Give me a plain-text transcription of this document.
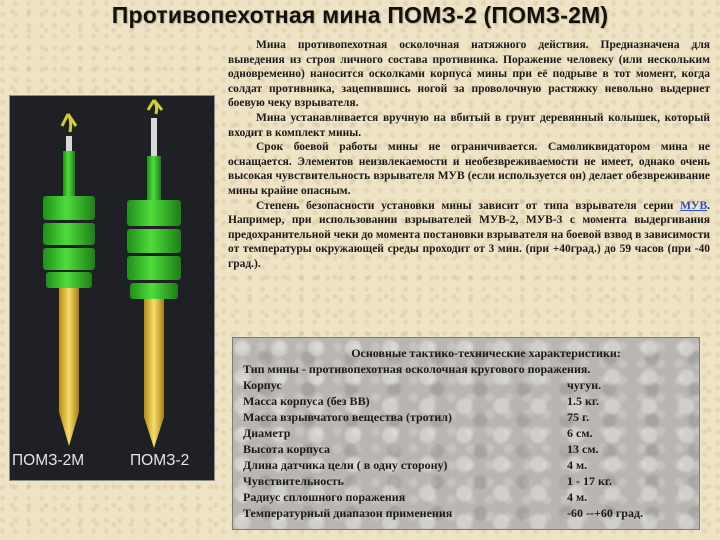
Противопехотная мина ПОМЗ-2 (ПОМЗ-2М)
ПОМЗ-2М	ПОМЗ-2

Мина противопехотная осколочная натяжного действия. Предназначена для выведения из строя личного состава противника. Поражение человеку (или нескольким одновременно) наносится осколками корпуса мины при её подрыве в тот момент, когда солдат противника, зацепившись ногой за проволочную растяжку невольно выдернет боевую чеку взрывателя.

Мина устанавливается вручную на вбитый в грунт деревянный колышек, который входит в комплект мины.

Срок боевой работы мины не ограничивается. Самоликвидатором мина не оснащается. Элементов неизвлекаемости и необезвреживаемости не имеет, однако очень высокая чувствительность взрывателя МУВ (если используется он) делает обезвреживание мины крайне опасным.

Степень безопасности установки мины зависит от типа взрывателя серии МУВ. Например, при использовании взрывателей МУВ-2, МУВ-3 с момента выдергивания предохранительной чеки до момента постановки взрывателя на боевой взвод в зависимости от температуры окружающей среды проходит от 3 мин. (при +40град.) до 59 часов (при -40 град.).

Основные тактико-технические характеристики:
Тип мины - противопехотная осколочная кругового поражения.
Корпус	чугун.
Масса корпуса (без ВВ)	1.5 кг.
Масса взрывчатого вещества (тротил)	75 г.
Диаметр	6 см.
Высота корпуса	13 см.
Длина датчика цели ( в одну сторону)	4 м.
Чувствительность	1 - 17 кг.
Радиус сплошного поражения	4 м.
Температурный диапазон применения	-60 --+60 град.
